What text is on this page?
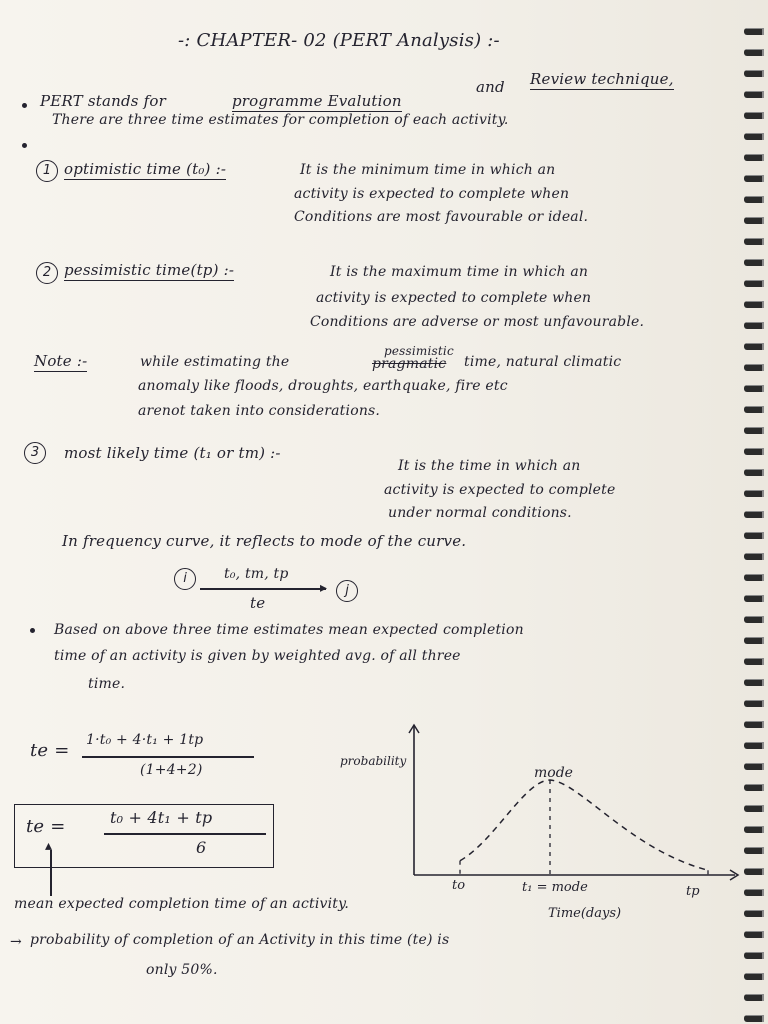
-: CHAPTER- 02 (PERT Analysis) :-
PERT stands for	programme Evalution
and Review technique,
There are three time estimates for completion of each activity.
1 optimistic time (t₀) :-	It is the minimum time in which an
activity is expected to complete when
Conditions are most favourable or ideal.
2 pessimistic time(tp) :-	It is the maximum time in which an
activity is expected to complete when
Conditions are adverse or most unfavourable.
Note :-	while estimating the
pessimistic
pragmatic time, natural climatic
anomaly like floods, droughts, earthquake, fire etc
arenot taken into considerations.
3	most likely time (t₁ or tm) :-
It is the time in which an
activity is expected to complete
under normal conditions.
In frequency curve, it reflects to mode of the curve.
i	t₀, tm, tp
▸	j
te
Based on above three time estimates mean expected completion
time of an activity is given by weighted avg. of all three
time.
te = 1·t₀ + 4·t₁ + 1tp
(1+4+2)
te =	t₀ + 4t₁ + tp
6
▴
mean expected completion time of an activity.
probability
mode
to	t₁ = mode	tp
Time(days)
→ probability of completion of an Activity in this time (te) is
only 50%.
